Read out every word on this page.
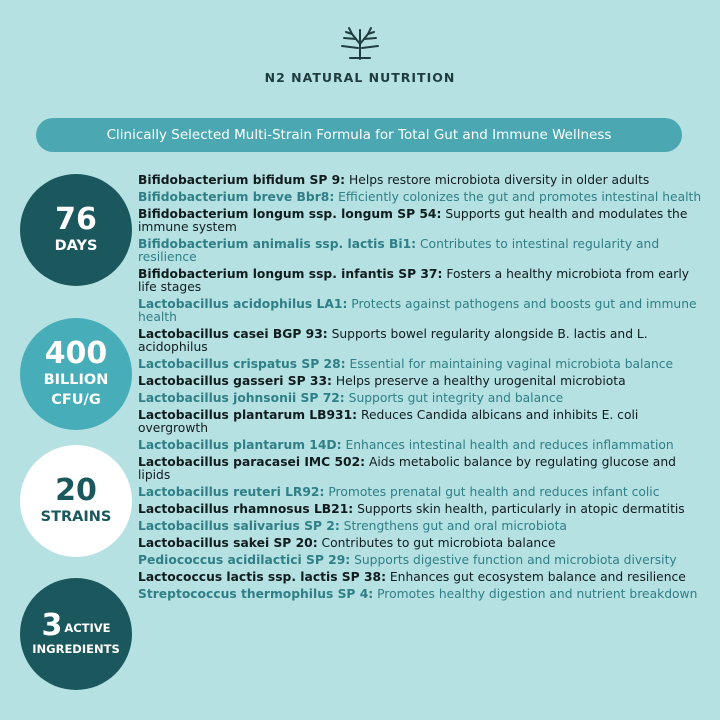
N2 NATURAL NUTRITION
Clinically Selected Multi-Strain Formula for Total Gut and Immune Wellness
76
DAYS
400
BILLION
CFU/G
20
STRAINS
3 ACTIVE
INGREDIENTS
Bifidobacterium bifidum SP 9: Helps restore microbiota diversity in older adults
Bifidobacterium breve Bbr8: Efficiently colonizes the gut and promotes intestinal health
Bifidobacterium longum ssp. longum SP 54: Supports gut health and modulates the immune system
Bifidobacterium animalis ssp. lactis Bi1: Contributes to intestinal regularity and resilience
Bifidobacterium longum ssp. infantis SP 37: Fosters a healthy microbiota from early life stages
Lactobacillus acidophilus LA1: Protects against pathogens and boosts gut and immune health
Lactobacillus casei BGP 93: Supports bowel regularity alongside B. lactis and L. acidophilus
Lactobacillus crispatus SP 28: Essential for maintaining vaginal microbiota balance
Lactobacillus gasseri SP 33: Helps preserve a healthy urogenital microbiota
Lactobacillus johnsonii SP 72: Supports gut integrity and balance
Lactobacillus plantarum LB931: Reduces Candida albicans and inhibits E. coli overgrowth
Lactobacillus plantarum 14D: Enhances intestinal health and reduces inflammation
Lactobacillus paracasei IMC 502: Aids metabolic balance by regulating glucose and lipids
Lactobacillus reuteri LR92: Promotes prenatal gut health and reduces infant colic
Lactobacillus rhamnosus LB21: Supports skin health, particularly in atopic dermatitis
Lactobacillus salivarius SP 2: Strengthens gut and oral microbiota
Lactobacillus sakei SP 20: Contributes to gut microbiota balance
Pediococcus acidilactici SP 29: Supports digestive function and microbiota diversity
Lactococcus lactis ssp. lactis SP 38: Enhances gut ecosystem balance and resilience
Streptococcus thermophilus SP 4: Promotes healthy digestion and nutrient breakdown
